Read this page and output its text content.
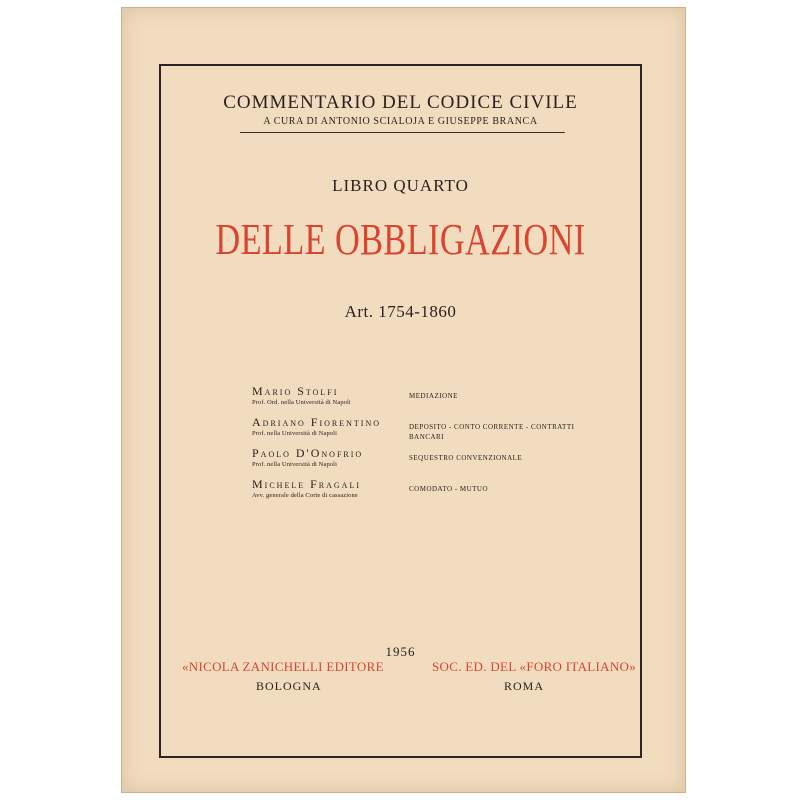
COMMENTARIO DEL CODICE CIVILE
A CURA DI ANTONIO SCIALOJA E GIUSEPPE BRANCA
LIBRO QUARTO
DELLE OBBLIGAZIONI
Art. 1754-1860
Mario Stolfi
Prof. Ord. nella Università di Napoli
MEDIAZIONE
Adriano Fiorentino
Prof. nella Università di Napoli
DEPOSITO - CONTO CORRENTE - CONTRATTI BANCARI
Paolo D'Onofrio
Prof. nella Università di Napoli
SEQUESTRO CONVENZIONALE
Michele Fragali
Avv. generale della Corte di cassazione
COMODATO - MUTUO
1956
«NICOLA ZANICHELLI EDITORE	SOC. ED. DEL «FORO ITALIANO»
BOLOGNA	ROMA
